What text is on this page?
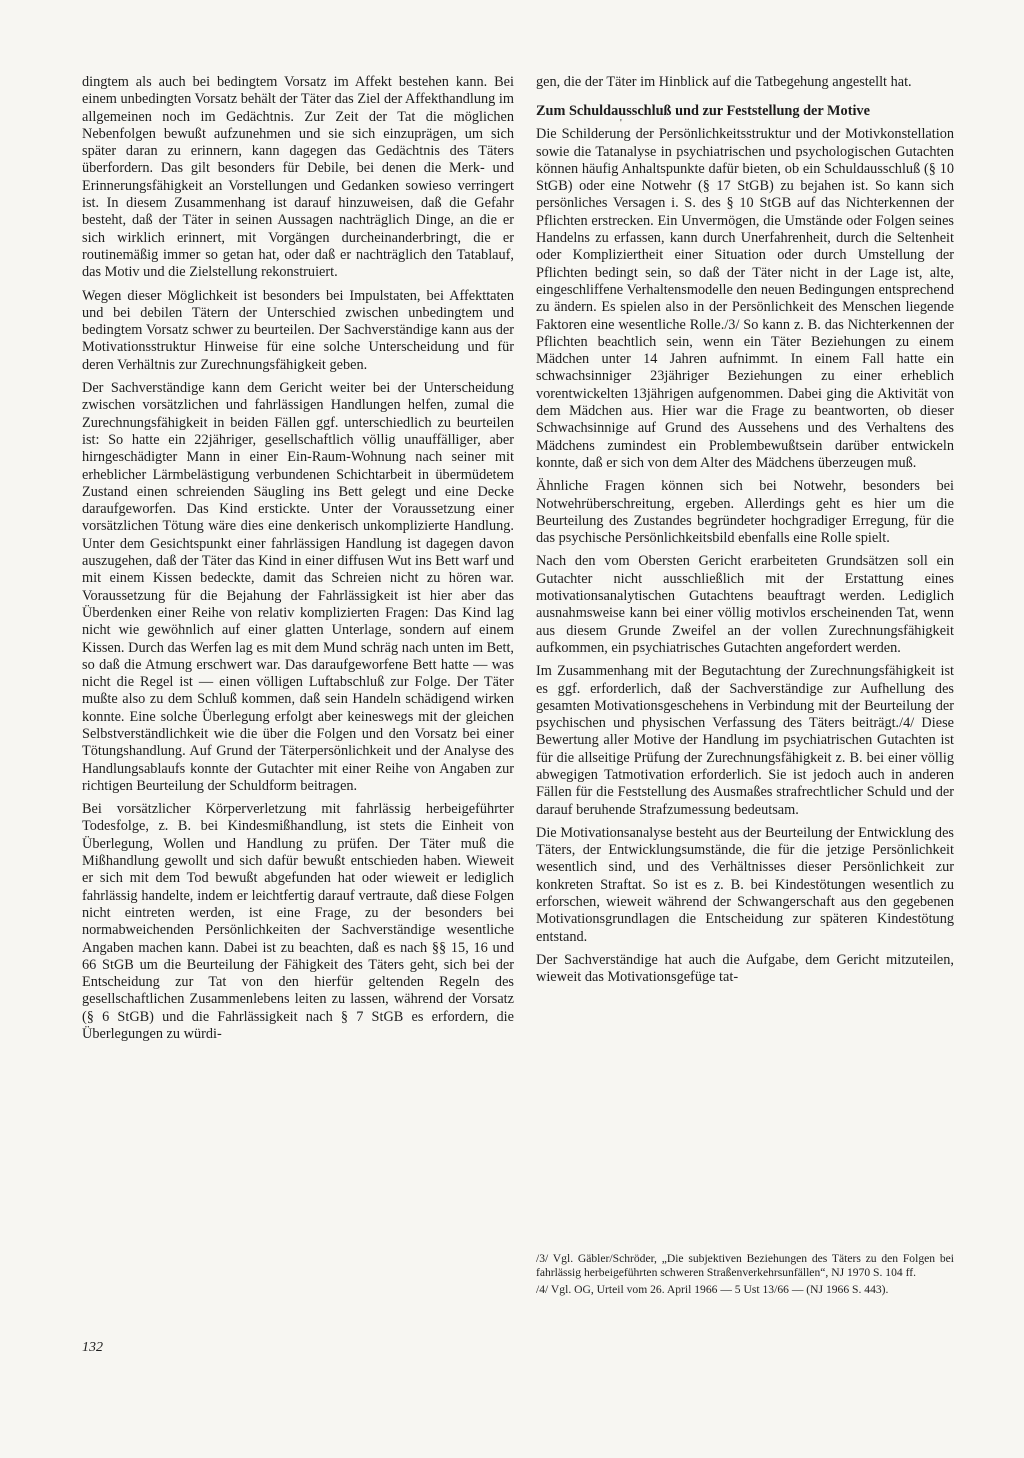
dingtem als auch bei bedingtem Vorsatz im Affekt bestehen kann. Bei einem unbedingten Vorsatz behält der Täter das Ziel der Affekthandlung im allgemeinen noch im Gedächtnis. Zur Zeit der Tat die möglichen Nebenfolgen bewußt aufzunehmen und sie sich einzuprägen, um sich später daran zu erinnern, kann dagegen das Gedächtnis des Täters überfordern. Das gilt besonders für Debile, bei denen die Merk- und Erinnerungsfähigkeit an Vorstellungen und Gedanken sowieso verringert ist. In diesem Zusammenhang ist darauf hinzuweisen, daß die Gefahr besteht, daß der Täter in seinen Aussagen nachträglich Dinge, an die er sich wirklich erinnert, mit Vorgängen durcheinanderbringt, die er routinemäßig immer so getan hat, oder daß er nachträglich den Tatablauf, das Motiv und die Zielstellung rekonstruiert.

Wegen dieser Möglichkeit ist besonders bei Impulstaten, bei Affekttaten und bei debilen Tätern der Unterschied zwischen unbedingtem und bedingtem Vorsatz schwer zu beurteilen. Der Sachverständige kann aus der Motivationsstruktur Hinweise für eine solche Unterscheidung und für deren Verhältnis zur Zurechnungsfähigkeit geben.

Der Sachverständige kann dem Gericht weiter bei der Unterscheidung zwischen vorsätzlichen und fahrlässigen Handlungen helfen, zumal die Zurechnungsfähigkeit in beiden Fällen ggf. unterschiedlich zu beurteilen ist: So hatte ein 22jähriger, gesellschaftlich völlig unauffälliger, aber hirngeschädigter Mann in einer Ein-Raum-Wohnung nach seiner mit erheblicher Lärmbelästigung verbundenen Schichtarbeit in übermüdetem Zustand einen schreienden Säugling ins Bett gelegt und eine Decke daraufgeworfen. Das Kind erstickte. Unter der Voraussetzung einer vorsätzlichen Tötung wäre dies eine denkerisch unkomplizierte Handlung. Unter dem Gesichtspunkt einer fahrlässigen Handlung ist dagegen davon auszugehen, daß der Täter das Kind in einer diffusen Wut ins Bett warf und mit einem Kissen bedeckte, damit das Schreien nicht zu hören war. Voraussetzung für die Bejahung der Fahrlässigkeit ist hier aber das Überdenken einer Reihe von relativ komplizierten Fragen: Das Kind lag nicht wie gewöhnlich auf einer glatten Unterlage, sondern auf einem Kissen. Durch das Werfen lag es mit dem Mund schräg nach unten im Bett, so daß die Atmung erschwert war. Das daraufgeworfene Bett hatte — was nicht die Regel ist — einen völligen Luftabschluß zur Folge. Der Täter mußte also zu dem Schluß kommen, daß sein Handeln schädigend wirken konnte. Eine solche Überlegung erfolgt aber keineswegs mit der gleichen Selbstverständlichkeit wie die über die Folgen und den Vorsatz bei einer Tötungshandlung. Auf Grund der Täterpersönlichkeit und der Analyse des Handlungsablaufs konnte der Gutachter mit einer Reihe von Angaben zur richtigen Beurteilung der Schuldform beitragen.

Bei vorsätzlicher Körperverletzung mit fahrlässig herbeigeführter Todesfolge, z. B. bei Kindesmißhandlung, ist stets die Einheit von Überlegung, Wollen und Handlung zu prüfen. Der Täter muß die Mißhandlung gewollt und sich dafür bewußt entschieden haben. Wieweit er sich mit dem Tod bewußt abgefunden hat oder wieweit er lediglich fahrlässig handelte, indem er leichtfertig darauf vertraute, daß diese Folgen nicht eintreten werden, ist eine Frage, zu der besonders bei normabweichenden Persönlichkeiten der Sachverständige wesentliche Angaben machen kann. Dabei ist zu beachten, daß es nach §§ 15, 16 und 66 StGB um die Beurteilung der Fähigkeit des Täters geht, sich bei der Entscheidung zur Tat von den hierfür geltenden Regeln des gesellschaftlichen Zusammenlebens leiten zu lassen, während der Vorsatz (§ 6 StGB) und die Fahrlässigkeit nach § 7 StGB es erfordern, die Überlegungen zu würdi-

'

gen, die der Täter im Hinblick auf die Tatbegehung angestellt hat.

Zum Schuldausschluß und zur Feststellung der Motive

Die Schilderung der Persönlichkeitsstruktur und der Motivkonstellation sowie die Tatanalyse in psychiatrischen und psychologischen Gutachten können häufig Anhaltspunkte dafür bieten, ob ein Schuldausschluß (§ 10 StGB) oder eine Notwehr (§ 17 StGB) zu bejahen ist. So kann sich persönliches Versagen i. S. des § 10 StGB auf das Nichterkennen der Pflichten erstrecken. Ein Unvermögen, die Umstände oder Folgen seines Handelns zu erfassen, kann durch Unerfahrenheit, durch die Seltenheit oder Kompliziertheit einer Situation oder durch Umstellung der Pflichten bedingt sein, so daß der Täter nicht in der Lage ist, alte, eingeschliffene Verhaltensmodelle den neuen Bedingungen entsprechend zu ändern. Es spielen also in der Persönlichkeit des Menschen liegende Faktoren eine wesentliche Rolle./3/ So kann z. B. das Nichterkennen der Pflichten beachtlich sein, wenn ein Täter Beziehungen zu einem Mädchen unter 14 Jahren aufnimmt. In einem Fall hatte ein schwachsinniger 23jähriger Beziehungen zu einer erheblich vorentwickelten 13jährigen aufgenommen. Dabei ging die Aktivität von dem Mädchen aus. Hier war die Frage zu beantworten, ob dieser Schwachsinnige auf Grund des Aussehens und des Verhaltens des Mädchens zumindest ein Problembewußtsein darüber entwickeln konnte, daß er sich von dem Alter des Mädchens überzeugen muß.

Ähnliche Fragen können sich bei Notwehr, besonders bei Notwehrüberschreitung, ergeben. Allerdings geht es hier um die Beurteilung des Zustandes begründeter hochgradiger Erregung, für die das psychische Persönlichkeitsbild ebenfalls eine Rolle spielt.

Nach den vom Obersten Gericht erarbeiteten Grundsätzen soll ein Gutachter nicht ausschließlich mit der Erstattung eines motivationsanalytischen Gutachtens beauftragt werden. Lediglich ausnahmsweise kann bei einer völlig motivlos erscheinenden Tat, wenn aus diesem Grunde Zweifel an der vollen Zurechnungsfähigkeit aufkommen, ein psychiatrisches Gutachten angefordert werden.

Im Zusammenhang mit der Begutachtung der Zurechnungsfähigkeit ist es ggf. erforderlich, daß der Sachverständige zur Aufhellung des gesamten Motivationsgeschehens in Verbindung mit der Beurteilung der psychischen und physischen Verfassung des Täters beiträgt./4/ Diese Bewertung aller Motive der Handlung im psychiatrischen Gutachten ist für die allseitige Prüfung der Zurechnungsfähigkeit z. B. bei einer völlig abwegigen Tatmotivation erforderlich. Sie ist jedoch auch in anderen Fällen für die Feststellung des Ausmaßes strafrechtlicher Schuld und der darauf beruhende Strafzumessung bedeutsam.

Die Motivationsanalyse besteht aus der Beurteilung der Entwicklung des Täters, der Entwicklungsumstände, die für die jetzige Persönlichkeit wesentlich sind, und des Verhältnisses dieser Persönlichkeit zur konkreten Straftat. So ist es z. B. bei Kindestötungen wesentlich zu erforschen, wieweit während der Schwangerschaft aus den gegebenen Motivationsgrundlagen die Entscheidung zur späteren Kindestötung entstand.

Der Sachverständige hat auch die Aufgabe, dem Gericht mitzuteilen, wieweit das Motivationsgefüge tat-

/3/ Vgl. Gäbler/Schröder, „Die subjektiven Beziehungen des Täters zu den Folgen bei fahrlässig herbeigeführten schweren Straßenverkehrsunfällen“, NJ 1970 S. 104 ff.

/4/ Vgl. OG, Urteil vom 26. April 1966 — 5 Ust 13/66 — (NJ 1966 S. 443).

132
